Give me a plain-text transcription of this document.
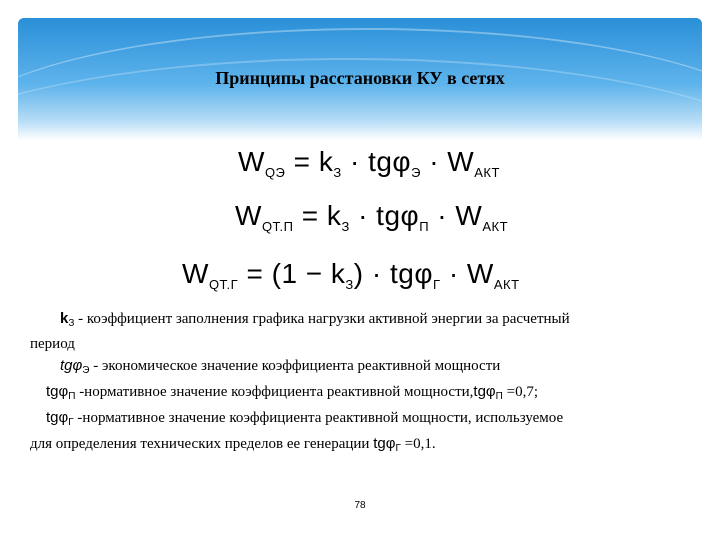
Принципы расстановки КУ в сетях
$W_{QЭ} = k_З \cdot tg\varphi_Э \cdot W_{АКТ}$
$W_{QТ.П} = k_З \cdot tg\varphi_П \cdot W_{АКТ}$
$W_{QТ.Г} = (1 - k_З) \cdot tg\varphi_Г \cdot W_{АКТ}$
$k_З$ - коэффициент заполнения графика нагрузки активной энергии за расчетный
период
tgφ$_Э$ - экономическое значение коэффициента реактивной мощности
tgφ$_П$ -нормативное значение коэффициента реактивной мощности,tgφ$_П$ =0,7;
tgφ$_Г$ -нормативное значение коэффициента реактивной мощности, используемое
для определения технических пределов ее генерации tgφ$_Г$ =0,1.
78
